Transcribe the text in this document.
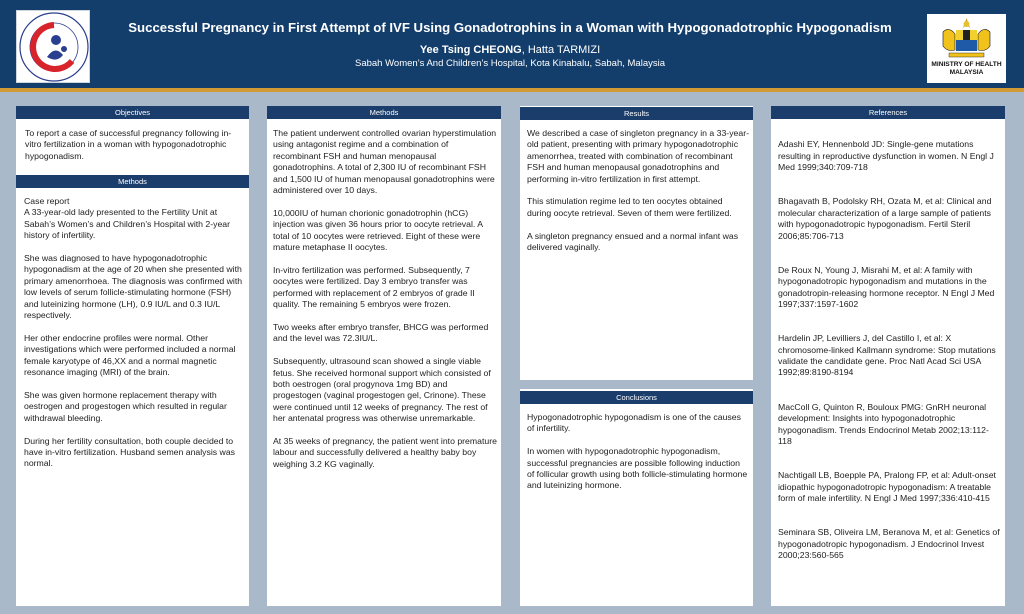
Successful Pregnancy in First Attempt of IVF Using Gonadotrophins in a Woman with Hypogonadotrophic Hypogonadism
Yee Tsing CHEONG, Hatta TARMIZI
Sabah Women’s And Children’s Hospital, Kota Kinabalu, Sabah, Malaysia	MINISTRY OF HEALTH
MALAYSIA
Objectives
To report a case of successful pregnancy following in-vitro fertilization in a woman with hypogonadotrophic hypogonadism.
Methods
Case report
A 33-year-old lady presented to the Fertility Unit at Sabah’s Women’s and Children’s Hospital with 2-year history of infertility.

She was diagnosed to have hypogonadotrophic hypogonadism at the age of 20 when she presented with primary amenorrhoea. The diagnosis was confirmed with low levels of serum follicle-stimulating hormone (FSH) and luteinizing hormone (LH), 0.9 IU/L and 0.3 IU/L respectively.

Her other endocrine profiles were normal. Other investigations which were performed included a normal female karyotype of 46,XX and a normal magnetic resonance imaging (MRI) of the brain.

She was given hormone replacement therapy with oestrogen and progestogen which resulted in regular withdrawal bleeding.

During her fertility consultation, both couple decided to have in-vitro fertilization. Husband semen analysis was normal.
Methods
The patient underwent controlled ovarian hyperstimulation using antagonist regime and a combination of recombinant FSH and human menopausal gonadotrophins. A total of 2,300 IU of recombinant FSH and 1,500 IU of human menopausal gonadotrophins were administered over 10 days.

10,000IU of human chorionic gonadotrophin (hCG) injection was given 36 hours prior to oocyte retrieval. A total of 10 oocytes were retrieved. Eight of these were mature metaphase II oocytes.

In-vitro fertilization was performed. Subsequently, 7 oocytes were fertilized. Day 3 embryo transfer was performed with replacement of 2 embryos of grade II quality. The remaining 5 embryos were frozen.

Two weeks after embryo transfer, BHCG was performed and the level was 72.3IU/L.

Subsequently, ultrasound scan showed a single viable fetus. She received hormonal support which consisted of both oestrogen (oral progynova 1mg BD) and progestogen (vaginal progestogen gel, Crinone). These were continued until 12 weeks of pregnancy. The rest of her antenatal progress was otherwise unremarkable.

At 35 weeks of pregnancy, the patient went into premature labour and successfully delivered a healthy baby boy weighing 3.2 KG vaginally.
Results
We described a case of singleton pregnancy in a 33-year-old patient, presenting with primary hypogonadotrophic amenorrhea, treated with combination of recombinant FSH and human menopausal gonadotrophins and performing in-vitro fertilization in first attempt.

This stimulation regime led to ten oocytes obtained during oocyte retrieval. Seven of them were fertilized.

A singleton pregnancy ensued and a normal infant was delivered vaginally.
Conclusions
Hypogonadotrophic hypogonadism is one of the causes of infertility.

In women with hypogonadotrophic hypogonadism, successful pregnancies are possible following induction of follicular growth using both follicle-stimulating hormone and luteinizing hormone.
References

Adashi EY, Hennenbold JD: Single-gene mutations resulting in reproductive dysfunction in women. N Engl J Med 1999;340:709-718

Bhagavath B, Podolsky RH, Ozata M, et al: Clinical and molecular characterization of a large sample of patients with hypogonadotropic hypogonadism. Fertil Steril 2006;85:706-713

De Roux N, Young J, Misrahi M, et al: A family with hypogonadotropic hypogonadism and mutations in the gonadotropin-releasing hormone receptor. N Engl J Med 1997;337:1597-1602

Hardelin JP, Levilliers J, del Castillo I, et al: X chromosome-linked Kallmann syndrome: Stop mutations validate the candidate gene. Proc Natl Acad Sci USA 1992;89:8190-8194

MacColl G, Quinton R, Bouloux PMG: GnRH neuronal development: Insights into hypogonadotrophic hypogonadism. Trends Endocrinol Metab 2002;13:112-118

Nachtigall LB, Boepple PA, Pralong FP, et al: Adult-onset idiopathic hypogonadotropic hypogonadism: A treatable form of male infertility. N Engl J Med 1997;336:410-415

Seminara SB, Oliveira LM, Beranova M, et al: Genetics of hypogonadotropic hypogonadism. J Endocrinol Invest 2000;23:560-565
